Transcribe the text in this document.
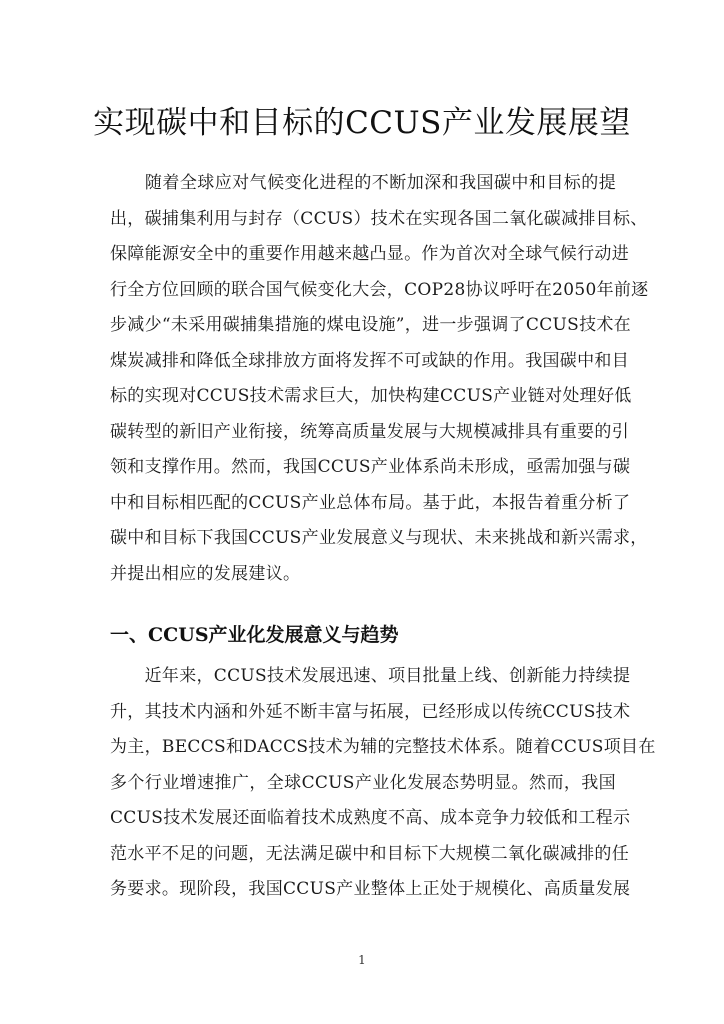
实现碳中和目标的CCUS产业发展展望
　　随着全球应对气候变化进程的不断加深和我国碳中和目标的提
出，碳捕集利用与封存（CCUS）技术在实现各国二氧化碳减排目标、
保障能源安全中的重要作用越来越凸显。作为首次对全球气候行动进
行全方位回顾的联合国气候变化大会，COP28协议呼吁在2050年前逐
步减少“未采用碳捕集措施的煤电设施”，进一步强调了CCUS技术在
煤炭减排和降低全球排放方面将发挥不可或缺的作用。我国碳中和目
标的实现对CCUS技术需求巨大，加快构建CCUS产业链对处理好低
碳转型的新旧产业衔接，统筹高质量发展与大规模减排具有重要的引
领和支撑作用。然而，我国CCUS产业体系尚未形成，亟需加强与碳
中和目标相匹配的CCUS产业总体布局。基于此，本报告着重分析了
碳中和目标下我国CCUS产业发展意义与现状、未来挑战和新兴需求，
并提出相应的发展建议。
一、CCUS产业化发展意义与趋势
　　近年来，CCUS技术发展迅速、项目批量上线、创新能力持续提
升，其技术内涵和外延不断丰富与拓展，已经形成以传统CCUS技术
为主，BECCS和DACCS技术为辅的完整技术体系。随着CCUS项目在
多个行业增速推广，全球CCUS产业化发展态势明显。然而，我国
CCUS技术发展还面临着技术成熟度不高、成本竞争力较低和工程示
范水平不足的问题，无法满足碳中和目标下大规模二氧化碳减排的任
务要求。现阶段，我国CCUS产业整体上正处于规模化、高质量发展
1
